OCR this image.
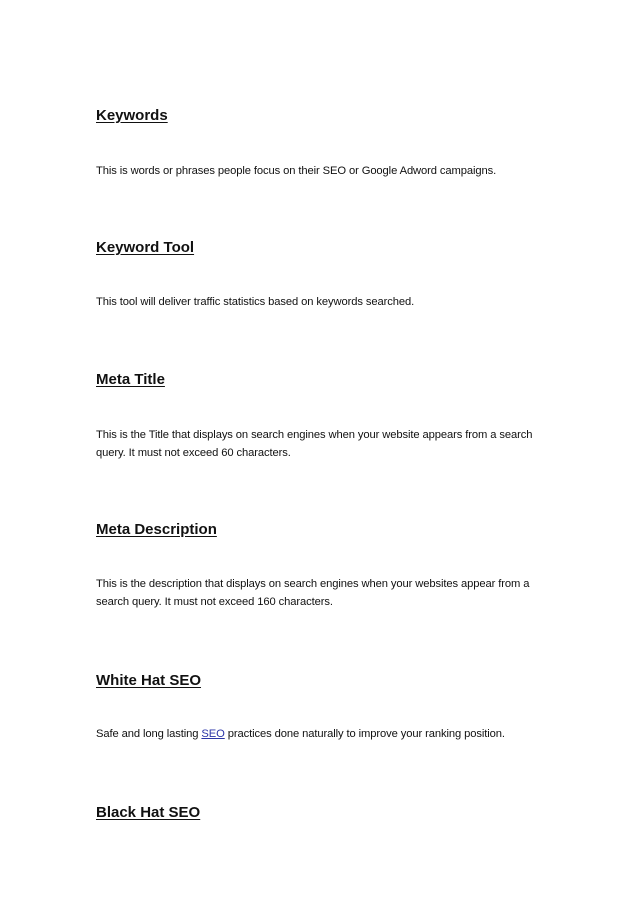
Keywords

This is words or phrases people focus on their SEO or Google Adword campaigns.

Keyword Tool

This tool will deliver traffic statistics based on keywords searched.

Meta Title

This is the Title that displays on search engines when your website appears from a search query. It must not exceed 60 characters.

Meta Description

This is the description that displays on search engines when your websites appear from a search query. It must not exceed 160 characters.

White Hat SEO

Safe and long lasting SEO practices done naturally to improve your ranking position.

Black Hat SEO
